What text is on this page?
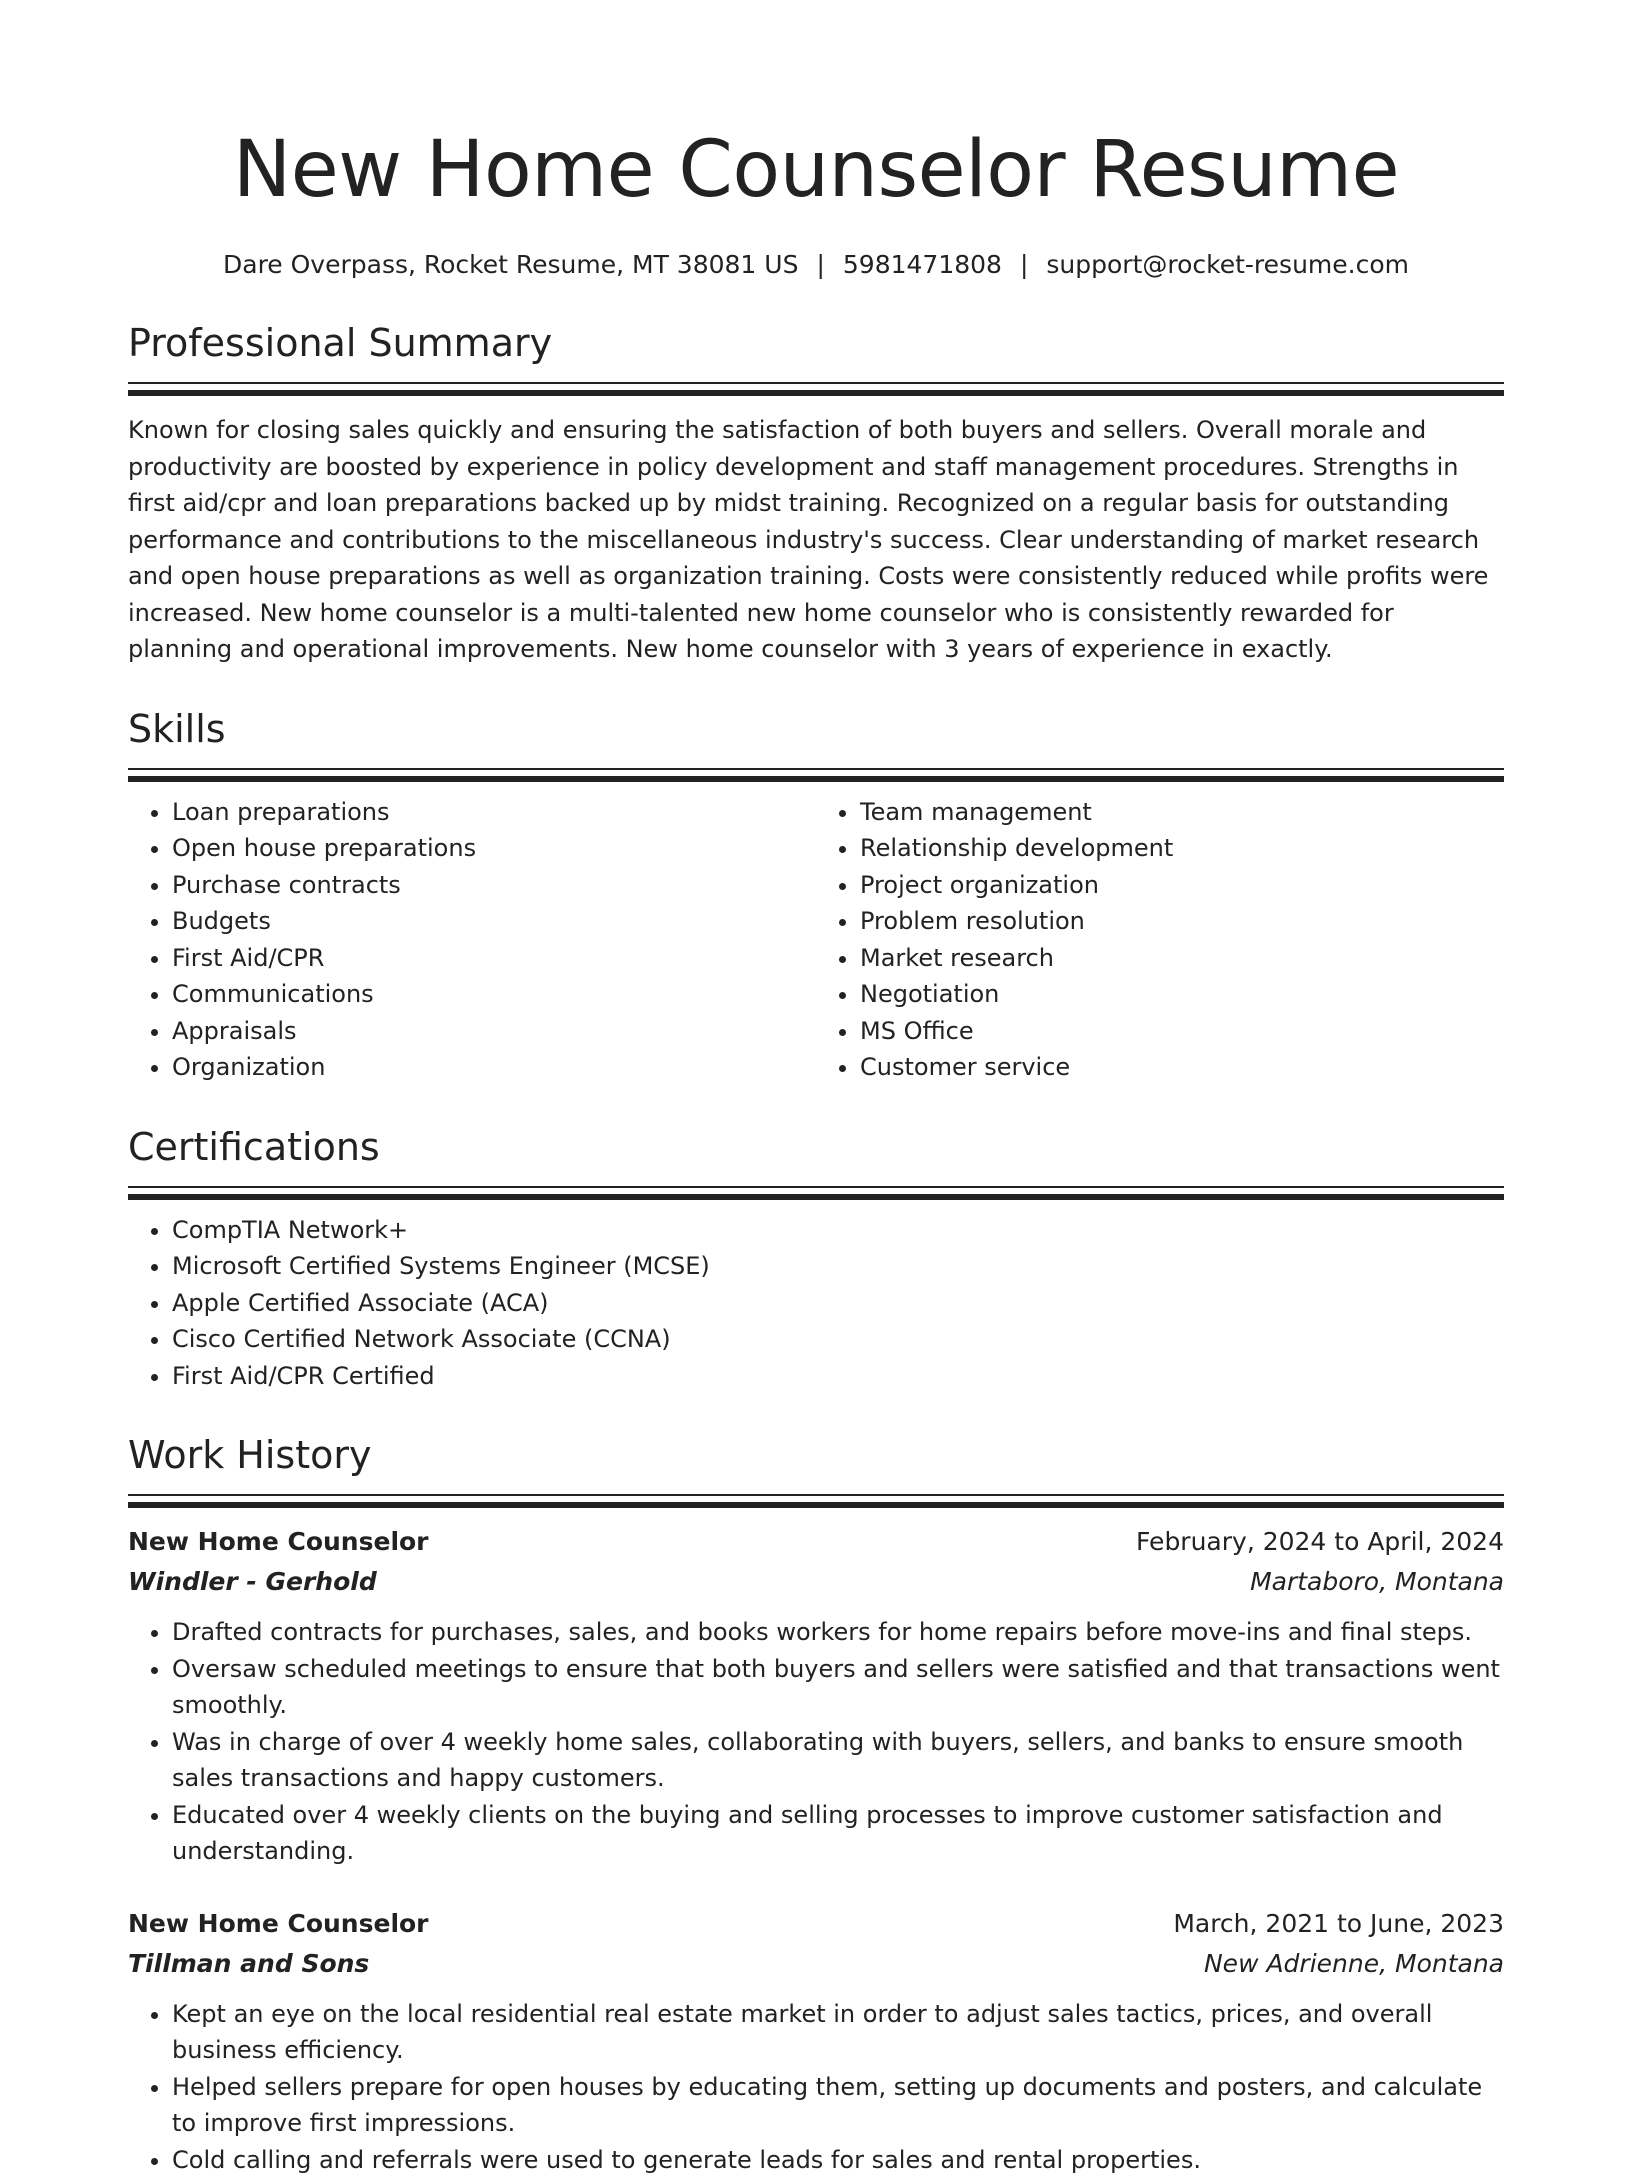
New Home Counselor Resume
Dare Overpass, Rocket Resume, MT 38081 US | 5981471808 | support@rocket-resume.com
Professional Summary
Known for closing sales quickly and ensuring the satisfaction of both buyers and sellers. Overall morale and productivity are boosted by experience in policy development and staff management procedures. Strengths in first aid/cpr and loan preparations backed up by midst training. Recognized on a regular basis for outstanding performance and contributions to the miscellaneous industry's success. Clear understanding of market research and open house preparations as well as organization training. Costs were consistently reduced while profits were increased. New home counselor is a multi-talented new home counselor who is consistently rewarded for planning and operational improvements. New home counselor with 3 years of experience in exactly.
Skills
• Loan preparations
• Open house preparations
• Purchase contracts
• Budgets
• First Aid/CPR
• Communications
• Appraisals
• Organization
• Team management
• Relationship development
• Project organization
• Problem resolution
• Market research
• Negotiation
• MS Office
• Customer service
Certifications
• CompTIA Network+
• Microsoft Certified Systems Engineer (MCSE)
• Apple Certified Associate (ACA)
• Cisco Certified Network Associate (CCNA)
• First Aid/CPR Certified
Work History
New Home Counselor	February, 2024 to April, 2024
Windler - Gerhold	Martaboro, Montana
• Drafted contracts for purchases, sales, and books workers for home repairs before move-ins and final steps.
• Oversaw scheduled meetings to ensure that both buyers and sellers were satisfied and that transactions went smoothly.
• Was in charge of over 4 weekly home sales, collaborating with buyers, sellers, and banks to ensure smooth sales transactions and happy customers.
• Educated over 4 weekly clients on the buying and selling processes to improve customer satisfaction and understanding.
New Home Counselor	March, 2021 to June, 2023
Tillman and Sons	New Adrienne, Montana
• Kept an eye on the local residential real estate market in order to adjust sales tactics, prices, and overall business efficiency.
• Helped sellers prepare for open houses by educating them, setting up documents and posters, and calculate to improve first impressions.
• Cold calling and referrals were used to generate leads for sales and rental properties.
